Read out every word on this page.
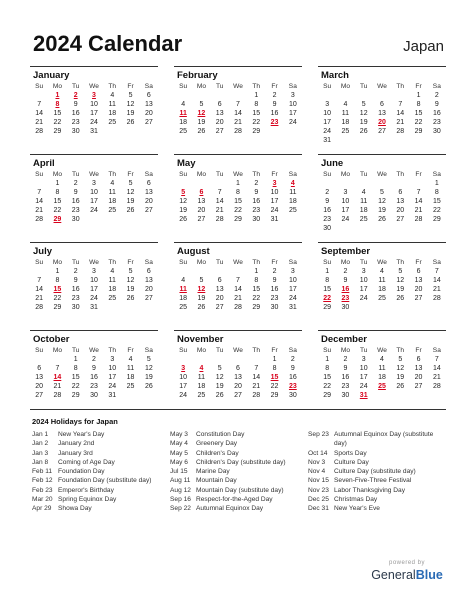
2024 Calendar	Japan
January
Su	Mo	Tu	We	Th	Fr	Sa
	1	2	3	4	5	6
7	8	9	10	11	12	13
14	15	16	17	18	19	20
21	22	23	24	25	26	27
28	29	30	31			
February
Su	Mo	Tu	We	Th	Fr	Sa
				1	2	3
4	5	6	7	8	9	10
11	12	13	14	15	16	17
18	19	20	21	22	23	24
25	26	27	28	29		
March
Su	Mo	Tu	We	Th	Fr	Sa
					1	2
3	4	5	6	7	8	9
10	11	12	13	14	15	16
17	18	19	20	21	22	23
24	25	26	27	28	29	30
31						
April
Su	Mo	Tu	We	Th	Fr	Sa
	1	2	3	4	5	6
7	8	9	10	11	12	13
14	15	16	17	18	19	20
21	22	23	24	25	26	27
28	29	30				
May
Su	Mo	Tu	We	Th	Fr	Sa
			1	2	3	4
5	6	7	8	9	10	11
12	13	14	15	16	17	18
19	20	21	22	23	24	25
26	27	28	29	30	31	
June
Su	Mo	Tu	We	Th	Fr	Sa
						1
2	3	4	5	6	7	8
9	10	11	12	13	14	15
16	17	18	19	20	21	22
23	24	25	26	27	28	29
30						
July
Su	Mo	Tu	We	Th	Fr	Sa
	1	2	3	4	5	6
7	8	9	10	11	12	13
14	15	16	17	18	19	20
21	22	23	24	25	26	27
28	29	30	31			
August
Su	Mo	Tu	We	Th	Fr	Sa
				1	2	3
4	5	6	7	8	9	10
11	12	13	14	15	16	17
18	19	20	21	22	23	24
25	26	27	28	29	30	31
September
Su	Mo	Tu	We	Th	Fr	Sa
1	2	3	4	5	6	7
8	9	10	11	12	13	14
15	16	17	18	19	20	21
22	23	24	25	26	27	28
29	30					
October
Su	Mo	Tu	We	Th	Fr	Sa
		1	2	3	4	5
6	7	8	9	10	11	12
13	14	15	16	17	18	19
20	21	22	23	24	25	26
27	28	29	30	31		
November
Su	Mo	Tu	We	Th	Fr	Sa
					1	2
3	4	5	6	7	8	9
10	11	12	13	14	15	16
17	18	19	20	21	22	23
24	25	26	27	28	29	30
December
Su	Mo	Tu	We	Th	Fr	Sa
1	2	3	4	5	6	7
8	9	10	11	12	13	14
15	16	17	18	19	20	21
22	23	24	25	26	27	28
29	30	31				
2024 Holidays for Japan
Jan 1	New Year's Day
Jan 2	January 2nd
Jan 3	January 3rd
Jan 8	Coming of Age Day
Feb 11 Foundation Day
Feb 12 Foundation Day (substitute day)
Feb 23 Emperor's Birthday
Mar 20 Spring Equinox Day
Apr 29 Showa Day
May 3	Constitution Day
May 4	Greenery Day
May 5	Children's Day
May 6	Children's Day (substitute day)
Jul 15	Marine Day
Aug 11 Mountain Day
Aug 12 Mountain Day (substitute day)
Sep 16 Respect-for-the-Aged Day
Sep 22 Autumnal Equinox Day
Sep 23 Autumnal Equinox Day (substitute day)
Oct 14 Sports Day
Nov 3	Culture Day
Nov 4	Culture Day (substitute day)
Nov 15 Seven-Five-Three Festival
Nov 23 Labor Thanksgiving Day
Dec 25 Christmas Day
Dec 31 New Year's Eve
powered by
GeneralBlue
